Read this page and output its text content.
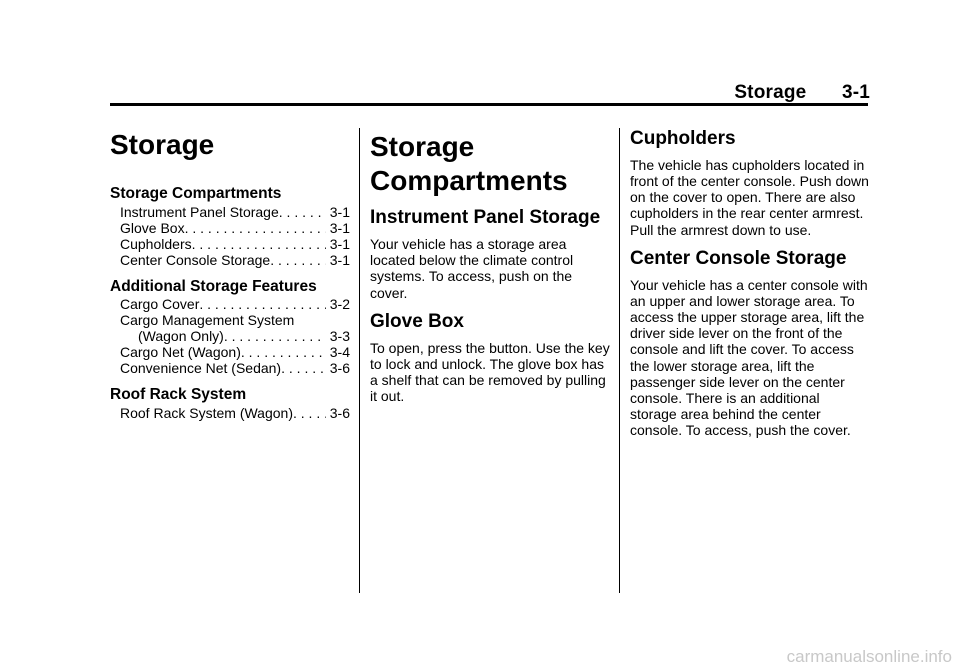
Storage 3-1
Storage
Storage Compartments
Instrument Panel Storage . . .	3-1
Glove Box . . .	3-1
Cupholders . . .	3-1
Center Console Storage . . .	3-1
Additional Storage Features
Cargo Cover . . .	3-2
Cargo Management System
(Wagon Only) . . .	3-3
Cargo Net (Wagon) . . .	3-4
Convenience Net (Sedan) . . .	3-6
Roof Rack System
Roof Rack System (Wagon) . . .	3-6
Storage Compartments
Instrument Panel Storage

Your vehicle has a storage area located below the climate control systems. To access, push on the cover.

Glove Box

To open, press the button. Use the key to lock and unlock. The glove box has a shelf that can be removed by pulling it out.

Cupholders

The vehicle has cupholders located in front of the center console. Push down on the cover to open. There are also cupholders in the rear center armrest. Pull the armrest down to use.

Center Console Storage

Your vehicle has a center console with an upper and lower storage area. To access the upper storage area, lift the driver side lever on the front of the console and lift the cover. To access the lower storage area, lift the passenger side lever on the center console. There is an additional storage area behind the center console. To access, push the cover.

carmanualsonline.info
